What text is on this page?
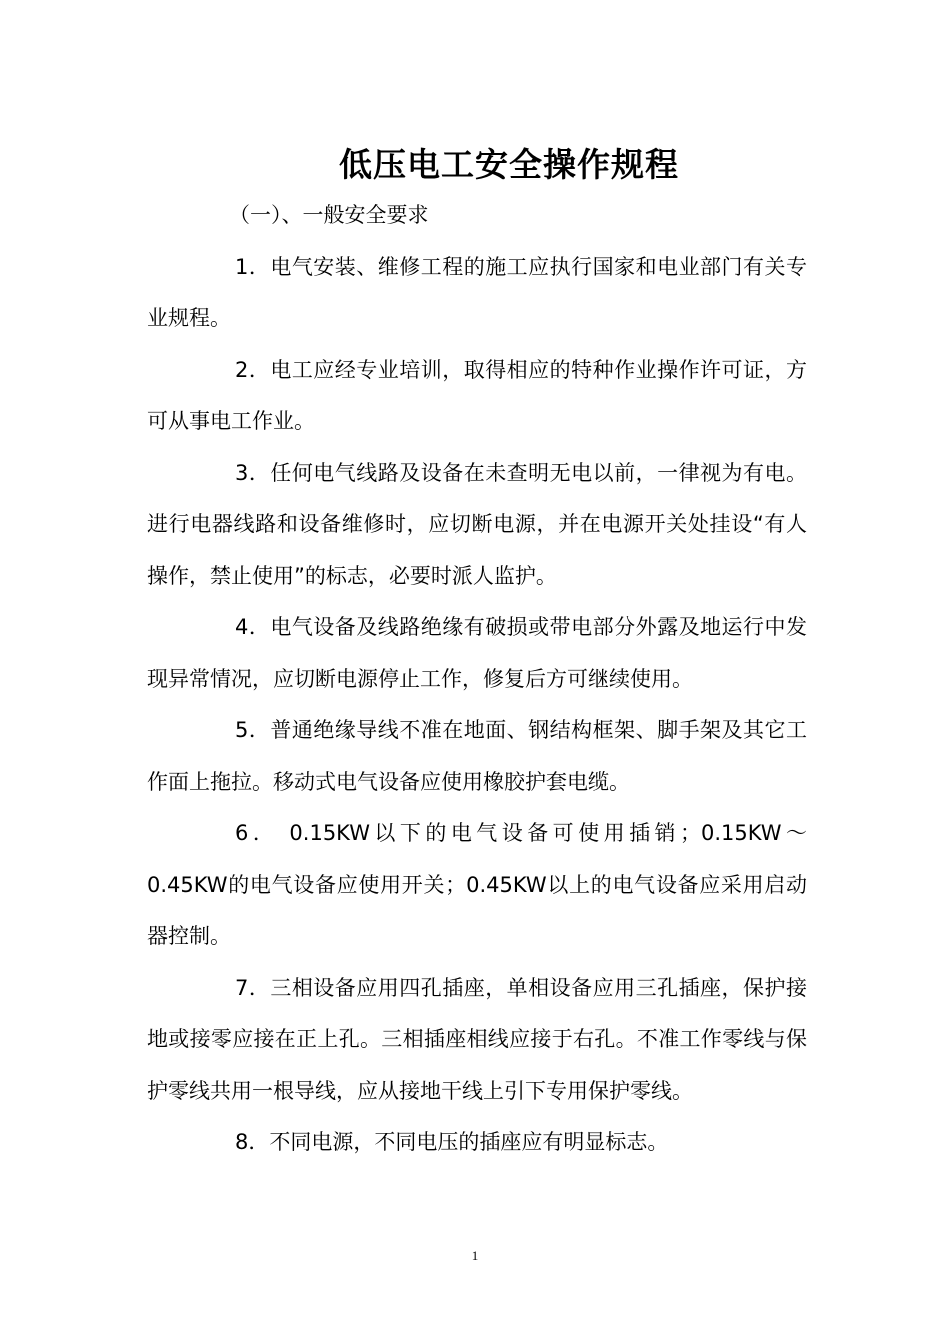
低压电工安全操作规程

（一）、一般安全要求

1．电气安装、维修工程的施工应执行国家和电业部门有关专业规程。

2．电工应经专业培训，取得相应的特种作业操作许可证，方可从事电工作业。

3．任何电气线路及设备在未查明无电以前，一律视为有电。进行电器线路和设备维修时，应切断电源，并在电源开关处挂设“有人操作，禁止使用”的标志，必要时派人监护。

4．电气设备及线路绝缘有破损或带电部分外露及地运行中发现异常情况，应切断电源停止工作，修复后方可继续使用。

5．普通绝缘导线不准在地面、钢结构框架、脚手架及其它工作面上拖拉。移动式电气设备应使用橡胶护套电缆。

6． 0.15KW以下的电气设备可使用插销；0.15KW～0.45KW的电气设备应使用开关；0.45KW以上的电气设备应采用启动器控制。

7．三相设备应用四孔插座，单相设备应用三孔插座，保护接地或接零应接在正上孔。三相插座相线应接于右孔。不准工作零线与保护零线共用一根导线，应从接地干线上引下专用保护零线。

8．不同电源，不同电压的插座应有明显标志。

1
